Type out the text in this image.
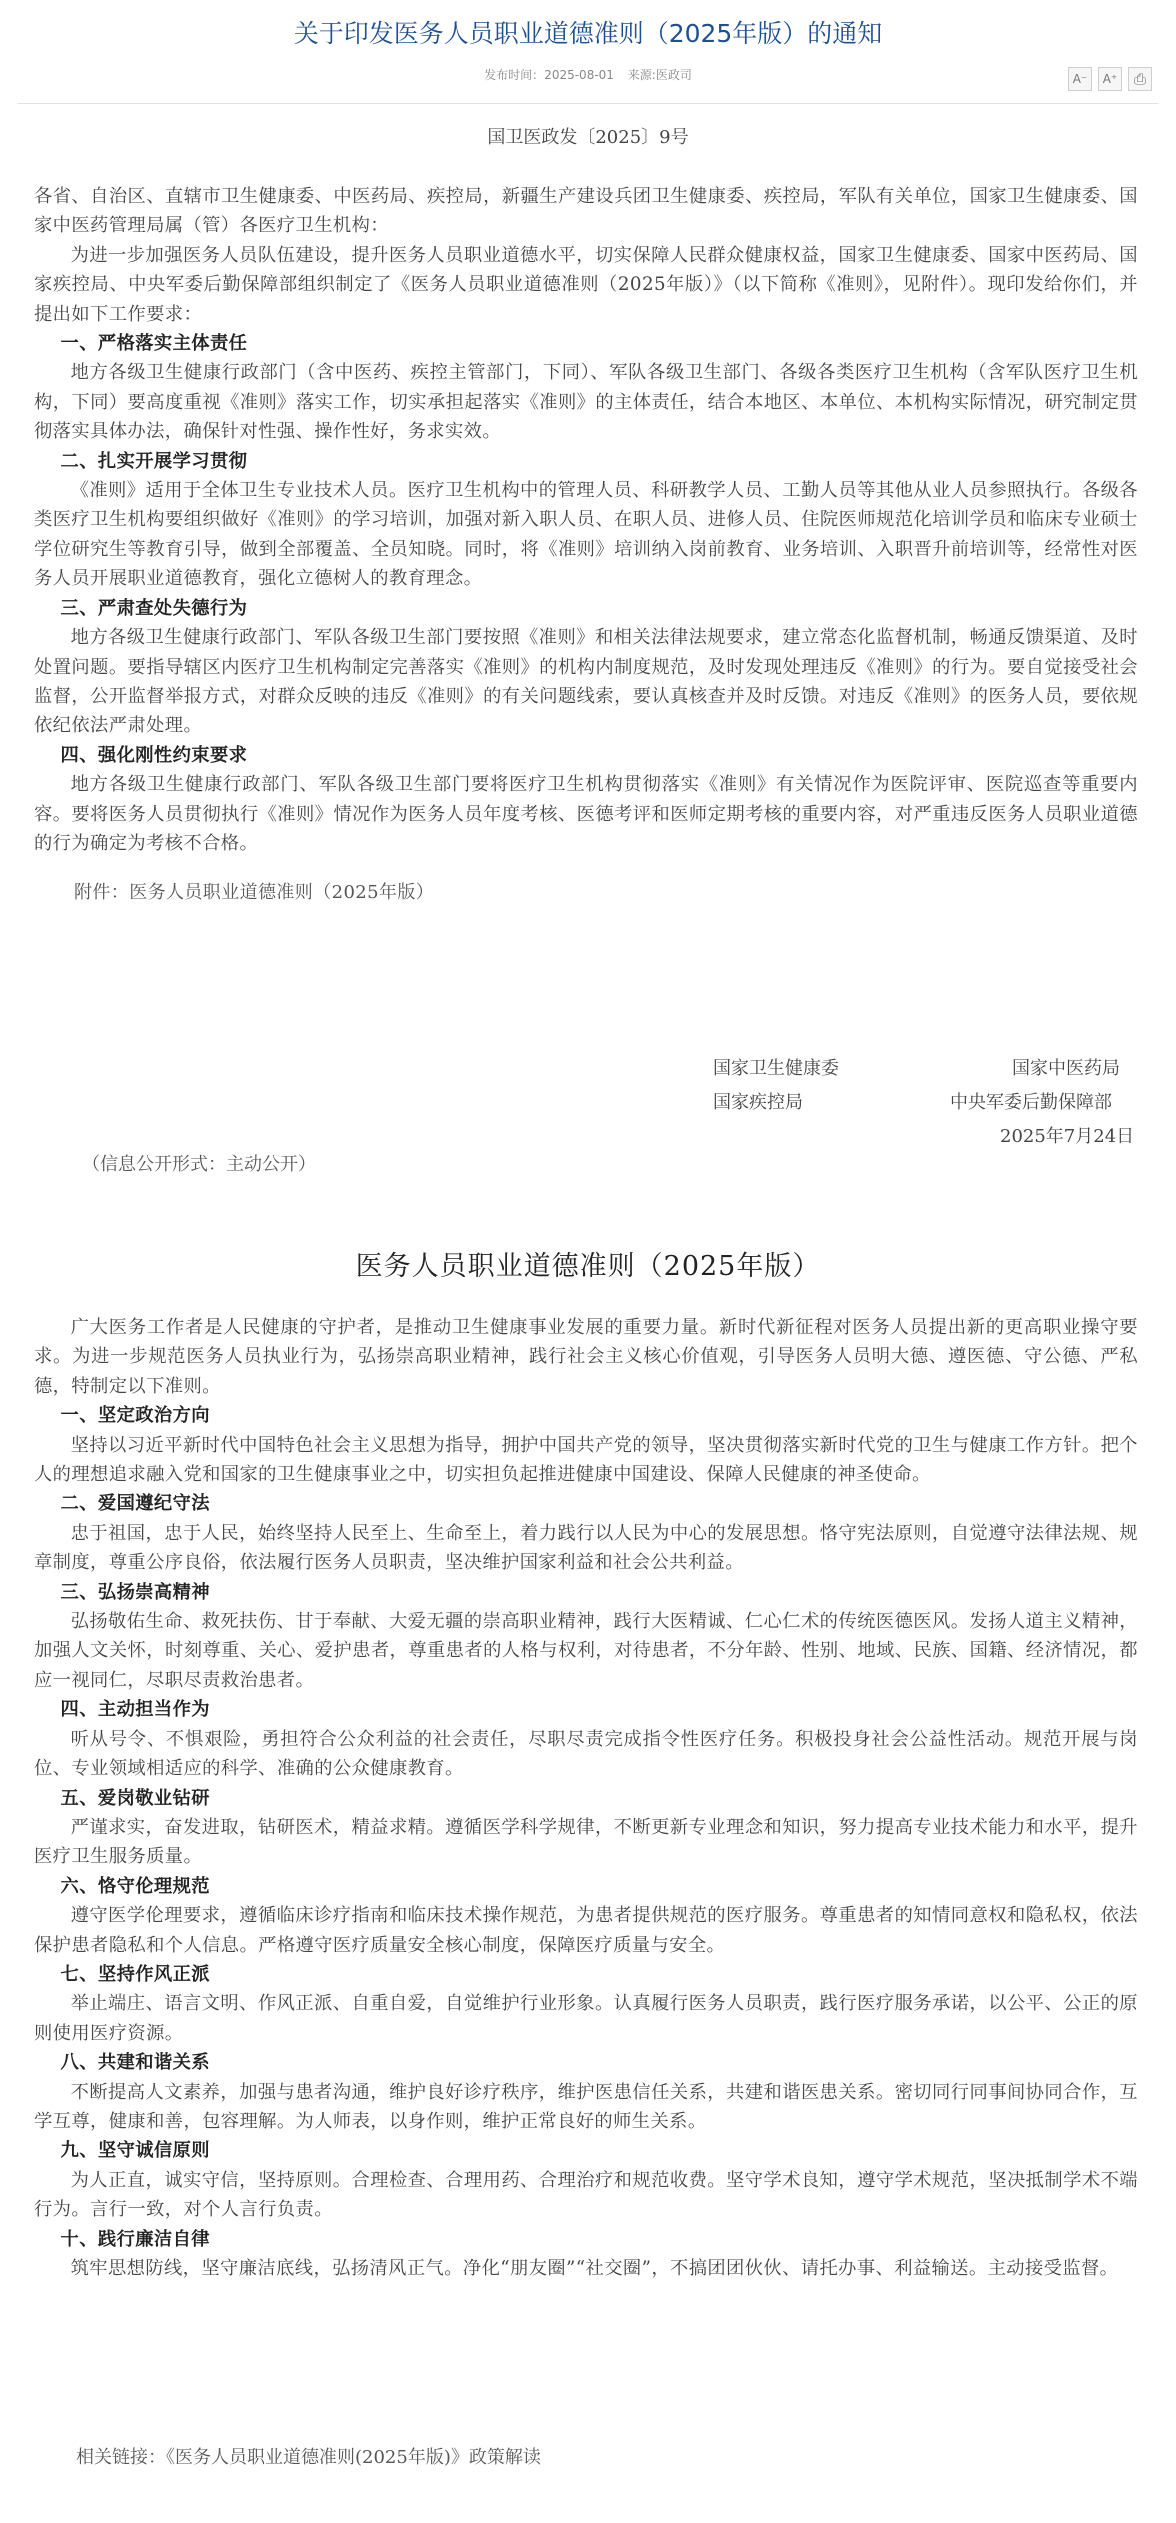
关于印发医务人员职业道德准则（2025年版）的通知
发布时间：2025-08-01 来源:医政司	A⁻	A⁺	⎙
国卫医政发〔2025〕9号

各省、自治区、直辖市卫生健康委、中医药局、疾控局，新疆生产建设兵团卫生健康委、疾控局，军队有关单位，国家卫生健康委、国家中医药管理局属（管）各医疗卫生机构：

为进一步加强医务人员队伍建设，提升医务人员职业道德水平，切实保障人民群众健康权益，国家卫生健康委、国家中医药局、国家疾控局、中央军委后勤保障部组织制定了《医务人员职业道德准则（2025年版）》（以下简称《准则》，见附件）。现印发给你们，并提出如下工作要求：

一、严格落实主体责任

地方各级卫生健康行政部门（含中医药、疾控主管部门，下同）、军队各级卫生部门、各级各类医疗卫生机构（含军队医疗卫生机构，下同）要高度重视《准则》落实工作，切实承担起落实《准则》的主体责任，结合本地区、本单位、本机构实际情况，研究制定贯彻落实具体办法，确保针对性强、操作性好，务求实效。

二、扎实开展学习贯彻

《准则》适用于全体卫生专业技术人员。医疗卫生机构中的管理人员、科研教学人员、工勤人员等其他从业人员参照执行。各级各类医疗卫生机构要组织做好《准则》的学习培训，加强对新入职人员、在职人员、进修人员、住院医师规范化培训学员和临床专业硕士学位研究生等教育引导，做到全部覆盖、全员知晓。同时，将《准则》培训纳入岗前教育、业务培训、入职晋升前培训等，经常性对医务人员开展职业道德教育，强化立德树人的教育理念。

三、严肃查处失德行为

地方各级卫生健康行政部门、军队各级卫生部门要按照《准则》和相关法律法规要求，建立常态化监督机制，畅通反馈渠道、及时处置问题。要指导辖区内医疗卫生机构制定完善落实《准则》的机构内制度规范，及时发现处理违反《准则》的行为。要自觉接受社会监督，公开监督举报方式，对群众反映的违反《准则》的有关问题线索，要认真核查并及时反馈。对违反《准则》的医务人员，要依规依纪依法严肃处理。

四、强化刚性约束要求

地方各级卫生健康行政部门、军队各级卫生部门要将医疗卫生机构贯彻落实《准则》有关情况作为医院评审、医院巡查等重要内容。要将医务人员贯彻执行《准则》情况作为医务人员年度考核、医德考评和医师定期考核的重要内容，对严重违反医务人员职业道德的行为确定为考核不合格。

附件：医务人员职业道德准则（2025年版）

国家卫生健康委	国家中医药局
国家疾控局	中央军委后勤保障部
2025年7月24日
（信息公开形式：主动公开）
医务人员职业道德准则（2025年版）

广大医务工作者是人民健康的守护者，是推动卫生健康事业发展的重要力量。新时代新征程对医务人员提出新的更高职业操守要求。为进一步规范医务人员执业行为，弘扬崇高职业精神，践行社会主义核心价值观，引导医务人员明大德、遵医德、守公德、严私德，特制定以下准则。

一、坚定政治方向

坚持以习近平新时代中国特色社会主义思想为指导，拥护中国共产党的领导，坚决贯彻落实新时代党的卫生与健康工作方针。把个人的理想追求融入党和国家的卫生健康事业之中，切实担负起推进健康中国建设、保障人民健康的神圣使命。

二、爱国遵纪守法

忠于祖国，忠于人民，始终坚持人民至上、生命至上，着力践行以人民为中心的发展思想。恪守宪法原则，自觉遵守法律法规、规章制度，尊重公序良俗，依法履行医务人员职责，坚决维护国家利益和社会公共利益。

三、弘扬崇高精神

弘扬敬佑生命、救死扶伤、甘于奉献、大爱无疆的崇高职业精神，践行大医精诚、仁心仁术的传统医德医风。发扬人道主义精神，加强人文关怀，时刻尊重、关心、爱护患者，尊重患者的人格与权利，对待患者，不分年龄、性别、地域、民族、国籍、经济情况，都应一视同仁，尽职尽责救治患者。

四、主动担当作为

听从号令、不惧艰险，勇担符合公众利益的社会责任，尽职尽责完成指令性医疗任务。积极投身社会公益性活动。规范开展与岗位、专业领域相适应的科学、准确的公众健康教育。

五、爱岗敬业钻研

严谨求实，奋发进取，钻研医术，精益求精。遵循医学科学规律，不断更新专业理念和知识，努力提高专业技术能力和水平，提升医疗卫生服务质量。

六、恪守伦理规范

遵守医学伦理要求，遵循临床诊疗指南和临床技术操作规范，为患者提供规范的医疗服务。尊重患者的知情同意权和隐私权，依法保护患者隐私和个人信息。严格遵守医疗质量安全核心制度，保障医疗质量与安全。

七、坚持作风正派

举止端庄、语言文明、作风正派、自重自爱，自觉维护行业形象。认真履行医务人员职责，践行医疗服务承诺，以公平、公正的原则使用医疗资源。

八、共建和谐关系

不断提高人文素养，加强与患者沟通，维护良好诊疗秩序，维护医患信任关系，共建和谐医患关系。密切同行同事间协同合作，互学互尊，健康和善，包容理解。为人师表，以身作则，维护正常良好的师生关系。

九、坚守诚信原则

为人正直，诚实守信，坚持原则。合理检查、合理用药、合理治疗和规范收费。坚守学术良知，遵守学术规范，坚决抵制学术不端行为。言行一致，对个人言行负责。

十、践行廉洁自律

筑牢思想防线，坚守廉洁底线，弘扬清风正气。净化“朋友圈”“社交圈”，不搞团团伙伙、请托办事、利益输送。主动接受监督。

相关链接：《医务人员职业道德准则(2025年版)》政策解读
